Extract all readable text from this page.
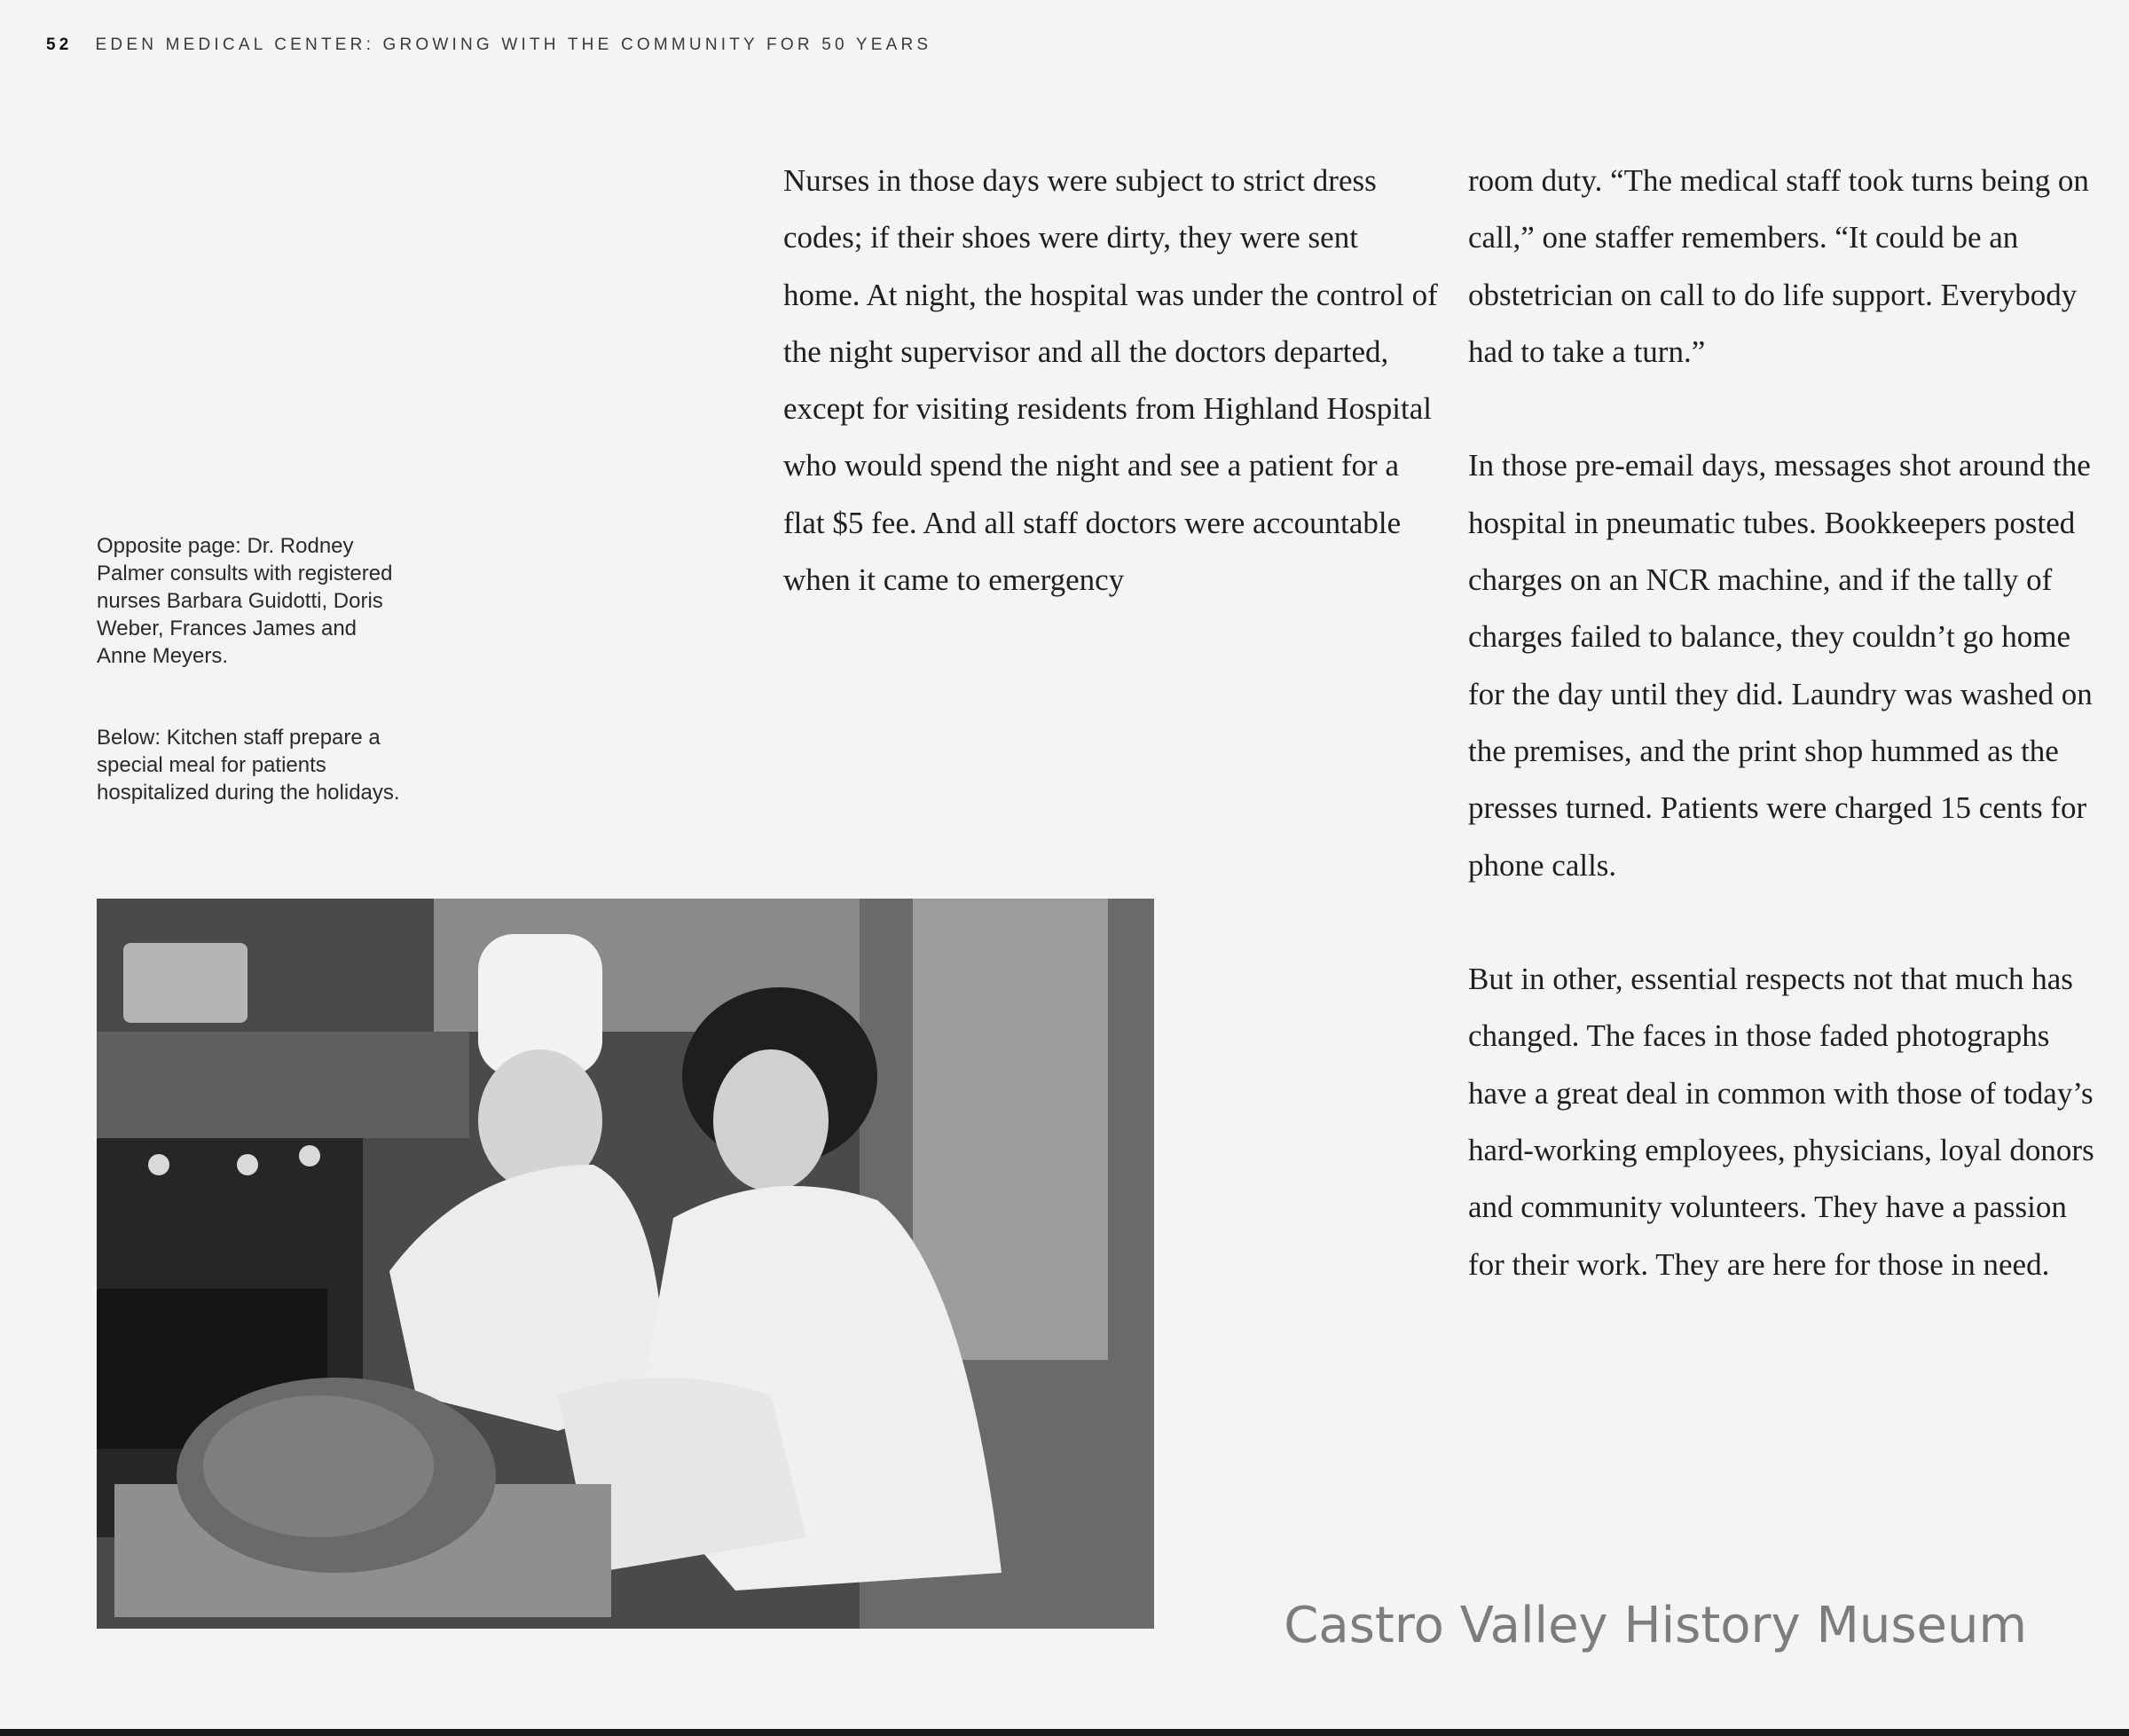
52 EDEN MEDICAL CENTER: GROWING WITH THE COMMUNITY FOR 50 YEARS
Opposite page: Dr. Rodney Palmer consults with registered nurses Barbara Guidotti, Doris Weber, Frances James and Anne Meyers.
Below: Kitchen staff prepare a special meal for patients hospitalized during the holidays.

Nurses in those days were subject to strict dress codes; if their shoes were dirty, they were sent home. At night, the hospital was under the control of the night supervisor and all the doctors departed, except for visiting residents from Highland Hospital who would spend the night and see a patient for a flat $5 fee. And all staff doctors were accountable when it came to emergency

room duty. “The medical staff took turns being on call,” one staffer remembers. “It could be an obstetrician on call to do life support. Everybody had to take a turn.”

In those pre-email days, messages shot around the hospital in pneumatic tubes. Bookkeepers posted charges on an NCR machine, and if the tally of charges failed to balance, they couldn’t go home for the day until they did. Laundry was washed on the premises, and the print shop hummed as the presses turned. Patients were charged 15 cents for phone calls.

But in other, essential respects not that much has changed. The faces in those faded photographs have a great deal in common with those of today’s hard-working employees, physicians, loyal donors and community volunteers. They have a passion for their work. They are here for those in need.

Castro Valley History Museum
